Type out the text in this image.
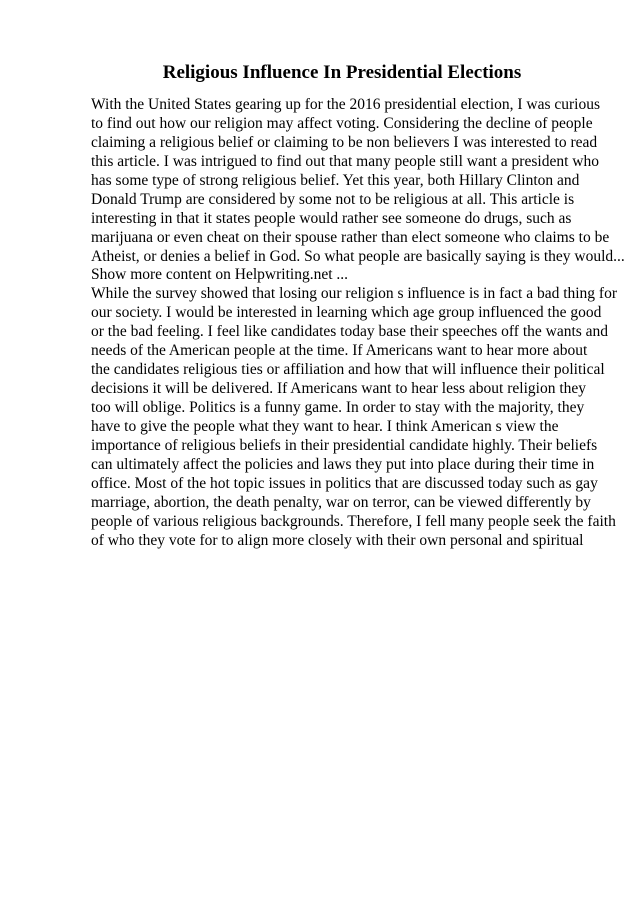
Religious Influence In Presidential Elections
With the United States gearing up for the 2016 presidential election, I was curious
to find out how our religion may affect voting. Considering the decline of people
claiming a religious belief or claiming to be non believers I was interested to read
this article. I was intrigued to find out that many people still want a president who
has some type of strong religious belief. Yet this year, both Hillary Clinton and
Donald Trump are considered by some not to be religious at all. This article is
interesting in that it states people would rather see someone do drugs, such as
marijuana or even cheat on their spouse rather than elect someone who claims to be
Atheist, or denies a belief in God. So what people are basically saying is they would...
Show more content on Helpwriting.net ...
While the survey showed that losing our religion s influence is in fact a bad thing for
our society. I would be interested in learning which age group influenced the good
or the bad feeling. I feel like candidates today base their speeches off the wants and
needs of the American people at the time. If Americans want to hear more about
the candidates religious ties or affiliation and how that will influence their political
decisions it will be delivered. If Americans want to hear less about religion they
too will oblige. Politics is a funny game. In order to stay with the majority, they
have to give the people what they want to hear. I think American s view the
importance of religious beliefs in their presidential candidate highly. Their beliefs
can ultimately affect the policies and laws they put into place during their time in
office. Most of the hot topic issues in politics that are discussed today such as gay
marriage, abortion, the death penalty, war on terror, can be viewed differently by
people of various religious backgrounds. Therefore, I fell many people seek the faith
of who they vote for to align more closely with their own personal and spiritual
